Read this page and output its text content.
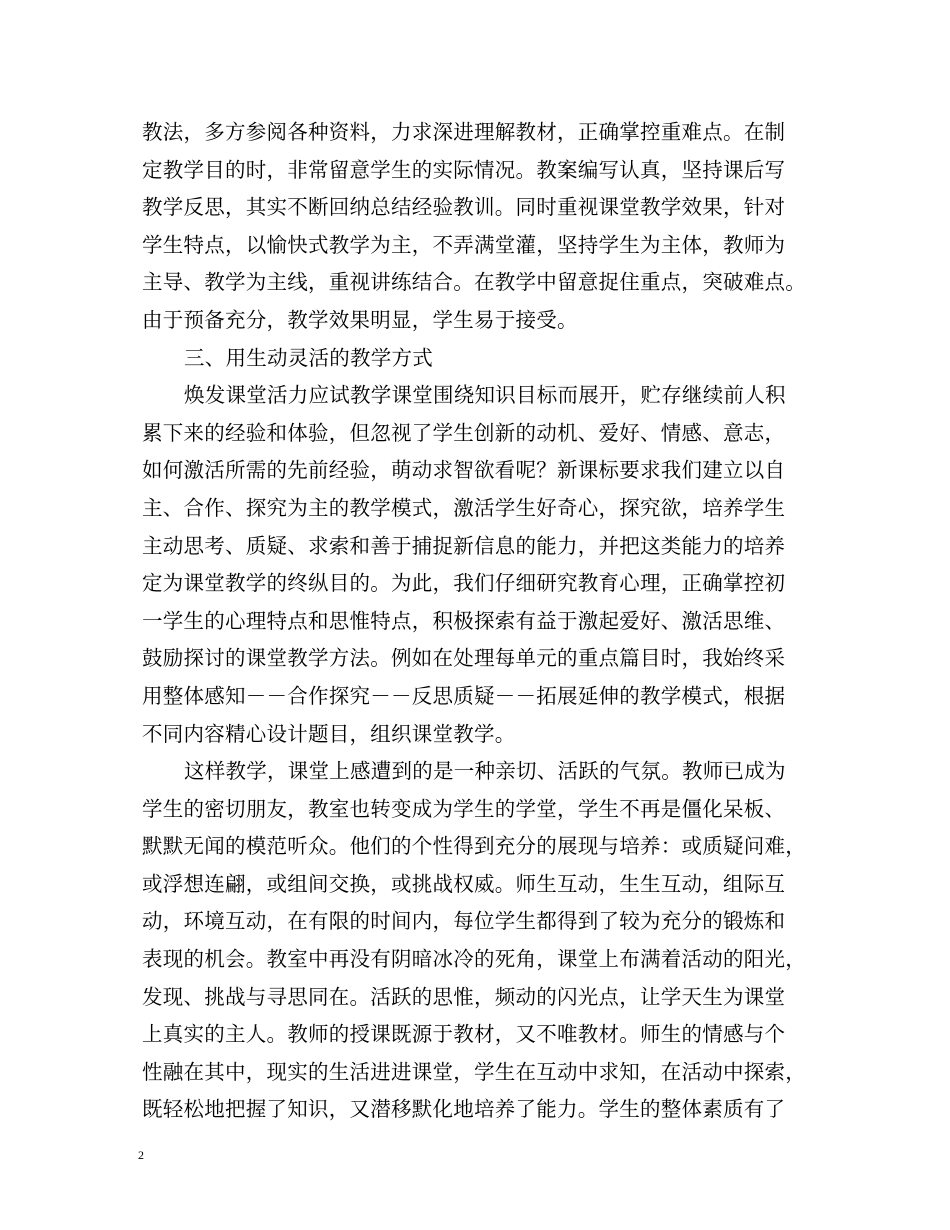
教法，多方参阅各种资料，力求深进理解教材，正确掌控重难点。在制
定教学目的时，非常留意学生的实际情况。教案编写认真，坚持课后写
教学反思，其实不断回纳总结经验教训。同时重视课堂教学效果，针对
学生特点，以愉快式教学为主，不弄满堂灌，坚持学生为主体，教师为
主导、教学为主线，重视讲练结合。在教学中留意捉住重点，突破难点。
由于预备充分，教学效果明显，学生易于接受。
三、用生动灵活的教学方式
焕发课堂活力应试教学课堂围绕知识目标而展开，贮存继续前人积
累下来的经验和体验，但忽视了学生创新的动机、爱好、情感、意志，
如何激活所需的先前经验，萌动求智欲看呢？新课标要求我们建立以自
主、合作、探究为主的教学模式，激活学生好奇心，探究欲，培养学生
主动思考、质疑、求索和善于捕捉新信息的能力，并把这类能力的培养
定为课堂教学的终纵目的。为此，我们仔细研究教育心理，正确掌控初
一学生的心理特点和思惟特点，积极探索有益于激起爱好、激活思维、
鼓励探讨的课堂教学方法。例如在处理每单元的重点篇目时，我始终采
用整体感知－－合作探究－－反思质疑－－拓展延伸的教学模式，根据
不同内容精心设计题目，组织课堂教学。
这样教学，课堂上感遭到的是一种亲切、活跃的气氛。教师已成为
学生的密切朋友，教室也转变成为学生的学堂，学生不再是僵化呆板、
默默无闻的模范听众。他们的个性得到充分的展现与培养：或质疑问难，
或浮想连翩，或组间交换，或挑战权威。师生互动，生生互动，组际互
动，环境互动，在有限的时间内，每位学生都得到了较为充分的锻炼和
表现的机会。教室中再没有阴暗冰冷的死角，课堂上布满着活动的阳光，
发现、挑战与寻思同在。活跃的思惟，频动的闪光点，让学天生为课堂
上真实的主人。教师的授课既源于教材，又不唯教材。师生的情感与个
性融在其中，现实的生活进进课堂，学生在互动中求知，在活动中探索，
既轻松地把握了知识，又潜移默化地培养了能力。学生的整体素质有了
2
